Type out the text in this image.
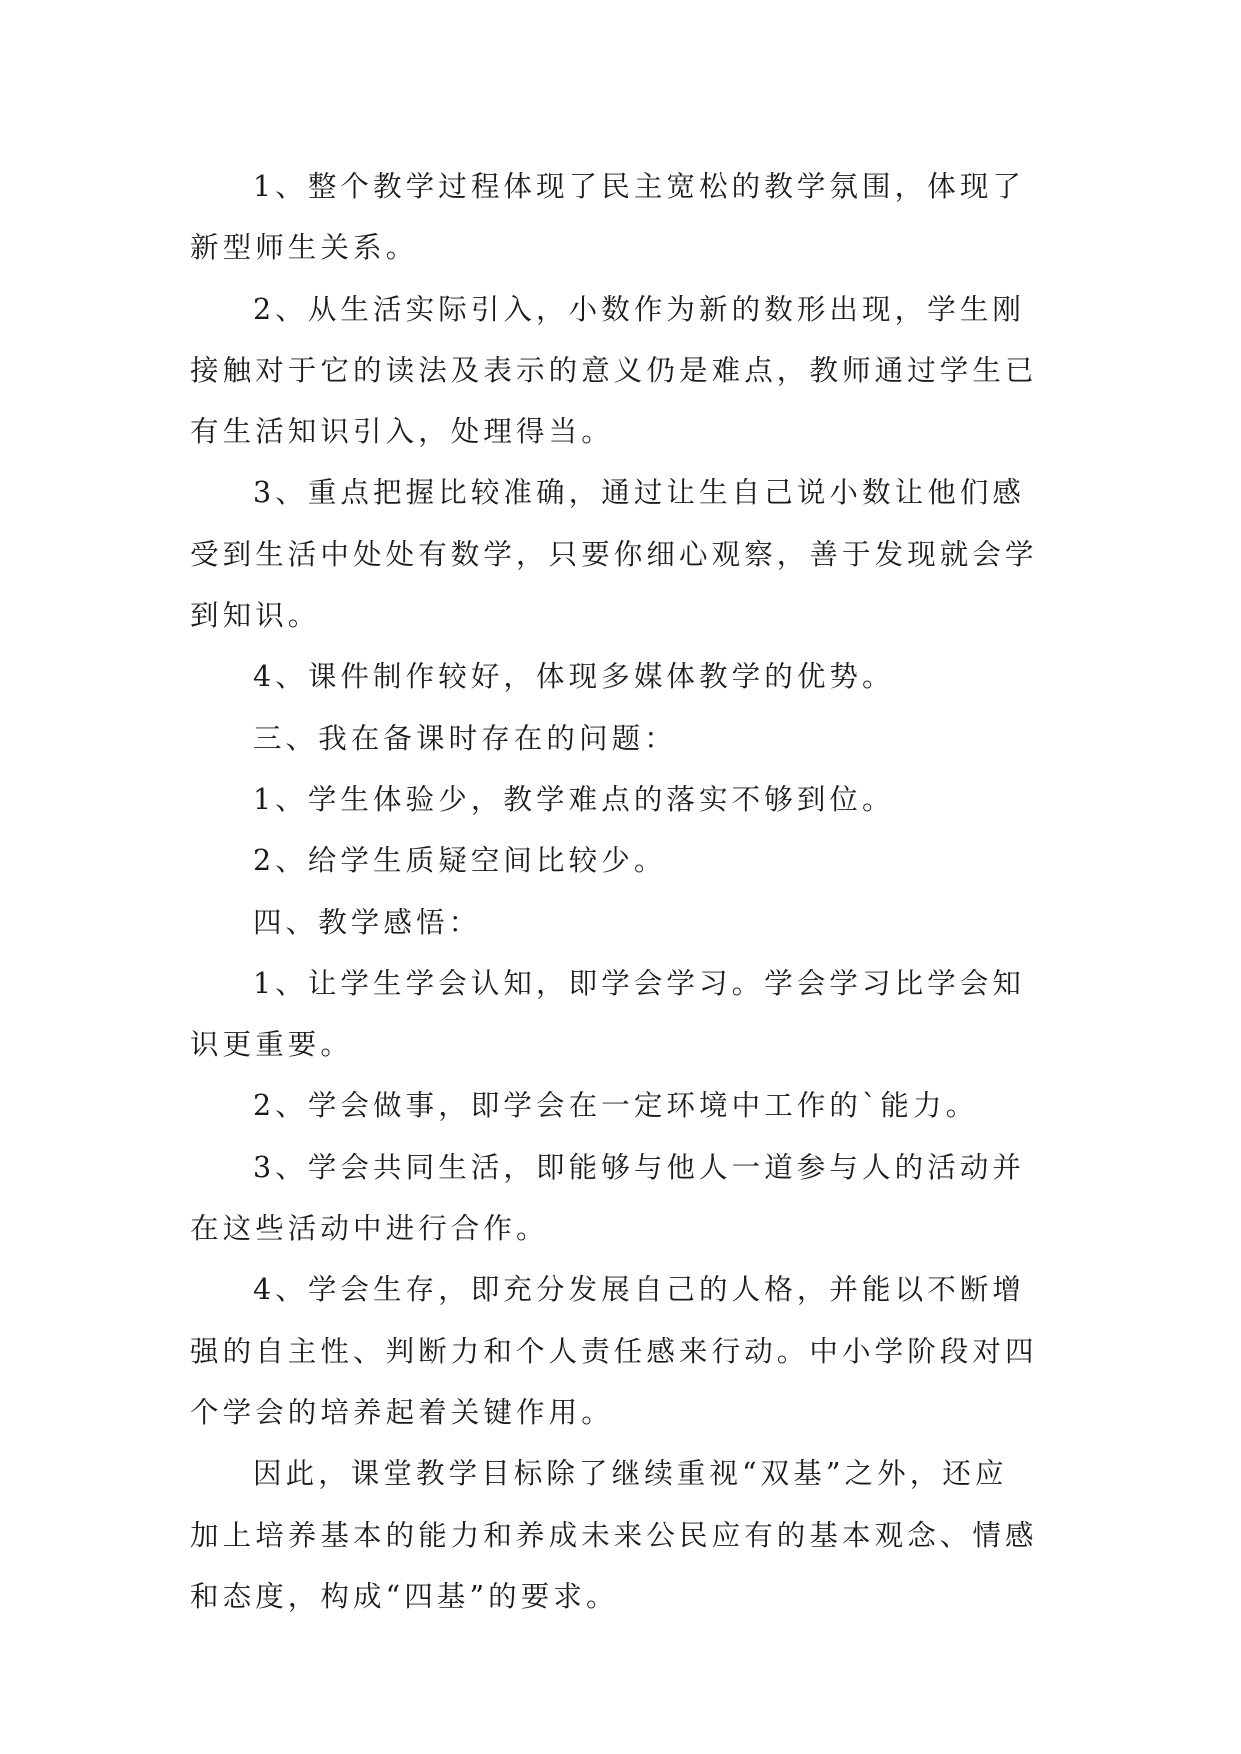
1、整个教学过程体现了民主宽松的教学氛围，体现了
新型师生关系。
2、从生活实际引入，小数作为新的数形出现，学生刚
接触对于它的读法及表示的意义仍是难点，教师通过学生已
有生活知识引入，处理得当。
3、重点把握比较准确，通过让生自己说小数让他们感
受到生活中处处有数学，只要你细心观察，善于发现就会学
到知识。
4、课件制作较好，体现多媒体教学的优势。
三、我在备课时存在的问题：
1、学生体验少，教学难点的落实不够到位。
2、给学生质疑空间比较少。
四、教学感悟：
1、让学生学会认知，即学会学习。学会学习比学会知
识更重要。
2、学会做事，即学会在一定环境中工作的`能力。
3、学会共同生活，即能够与他人一道参与人的活动并
在这些活动中进行合作。
4、学会生存，即充分发展自己的人格，并能以不断增
强的自主性、判断力和个人责任感来行动。中小学阶段对四
个学会的培养起着关键作用。
因此，课堂教学目标除了继续重视“双基”之外，还应
加上培养基本的能力和养成未来公民应有的基本观念、情感
和态度，构成“四基”的要求。
